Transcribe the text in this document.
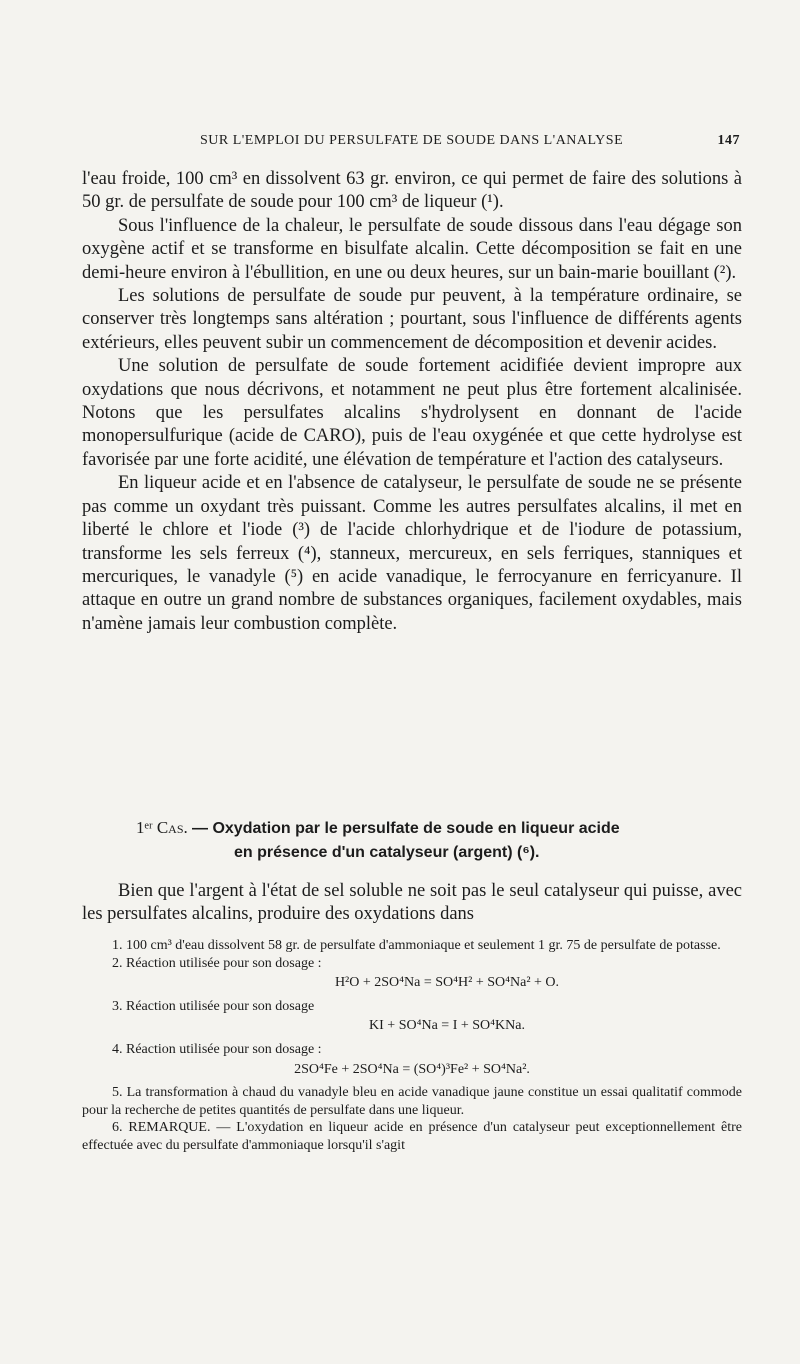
SUR L'EMPLOI DU PERSULFATE DE SOUDE DANS L'ANALYSE	147

l'eau froide, 100 cm³ en dissolvent 63 gr. environ, ce qui permet de faire des solutions à 50 gr. de persulfate de soude pour 100 cm³ de liqueur (¹).

Sous l'influence de la chaleur, le persulfate de soude dissous dans l'eau dégage son oxygène actif et se transforme en bisulfate alcalin. Cette décomposition se fait en une demi-heure environ à l'ébullition, en une ou deux heures, sur un bain-marie bouillant (²).

Les solutions de persulfate de soude pur peuvent, à la température ordinaire, se conserver très longtemps sans altération ; pourtant, sous l'influence de différents agents extérieurs, elles peuvent subir un commencement de décomposition et devenir acides.

Une solution de persulfate de soude fortement acidifiée devient impropre aux oxydations que nous décrivons, et notamment ne peut plus être fortement alcalinisée. Notons que les persulfates alcalins s'hydrolysent en donnant de l'acide monopersulfurique (acide de CARO), puis de l'eau oxygénée et que cette hydrolyse est favorisée par une forte acidité, une élévation de température et l'action des catalyseurs.

En liqueur acide et en l'absence de catalyseur, le persulfate de soude ne se présente pas comme un oxydant très puissant. Comme les autres persulfates alcalins, il met en liberté le chlore et l'iode (³) de l'acide chlorhydrique et de l'iodure de potassium, transforme les sels ferreux (⁴), stanneux, mercureux, en sels ferriques, stanniques et mercuriques, le vanadyle (⁵) en acide vanadique, le ferrocyanure en ferricyanure. Il attaque en outre un grand nombre de substances organiques, facilement oxydables, mais n'amène jamais leur combustion complète.

1ᵉʳ Cas. — Oxydation par le persulfate de soude en liqueur acide
en présence d'un catalyseur (argent) (⁶).

Bien que l'argent à l'état de sel soluble ne soit pas le seul catalyseur qui puisse, avec les persulfates alcalins, produire des oxydations dans

1. 100 cm³ d'eau dissolvent 58 gr. de persulfate d'ammoniaque et seulement 1 gr. 75 de persulfate de potasse.

2. Réaction utilisée pour son dosage :

H²O + 2SO⁴Na = SO⁴H² + SO⁴Na² + O.

3. Réaction utilisée pour son dosage

KI + SO⁴Na = I + SO⁴KNa.

4. Réaction utilisée pour son dosage :

2SO⁴Fe + 2SO⁴Na = (SO⁴)³Fe² + SO⁴Na².

5. La transformation à chaud du vanadyle bleu en acide vanadique jaune constitue un essai qualitatif commode pour la recherche de petites quantités de persulfate dans une liqueur.

6. REMARQUE. — L'oxydation en liqueur acide en présence d'un catalyseur peut exceptionnellement être effectuée avec du persulfate d'ammoniaque lorsqu'il s'agit
